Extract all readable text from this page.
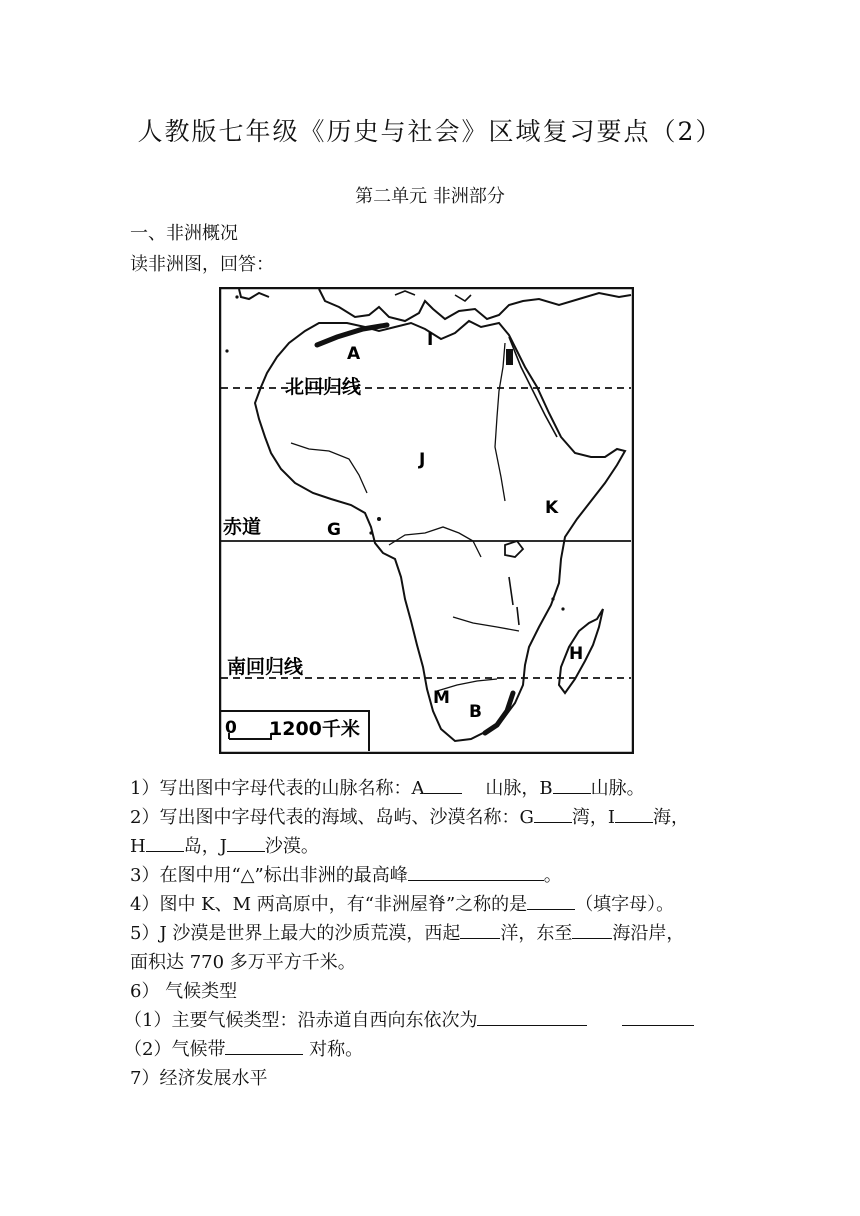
人教版七年级《历史与社会》区域复习要点（2）
第二单元 非洲部分
一、非洲概况
读非洲图，回答：
A
I
J
K
G
H
M
B
北回归线
赤道
南回归线
0 1200千米
1）写出图中字母代表的山脉名称：A	山脉，B 山脉。
2）写出图中字母代表的海域、岛屿、沙漠名称：G 湾，I 海，
H 岛，J 沙漠。
3）在图中用“△”标出非洲的最高峰	。
4）图中 K、M 两高原中，有“非洲屋脊”之称的是	（填字母）。
5）J 沙漠是世界上最大的沙质荒漠，西起 洋，东至 海沿岸，
面积达 770 多万平方千米。
6） 气候类型
（1）主要气候类型：沿赤道自西向东依次为
（2）气候带	对称。
7）经济发展水平
